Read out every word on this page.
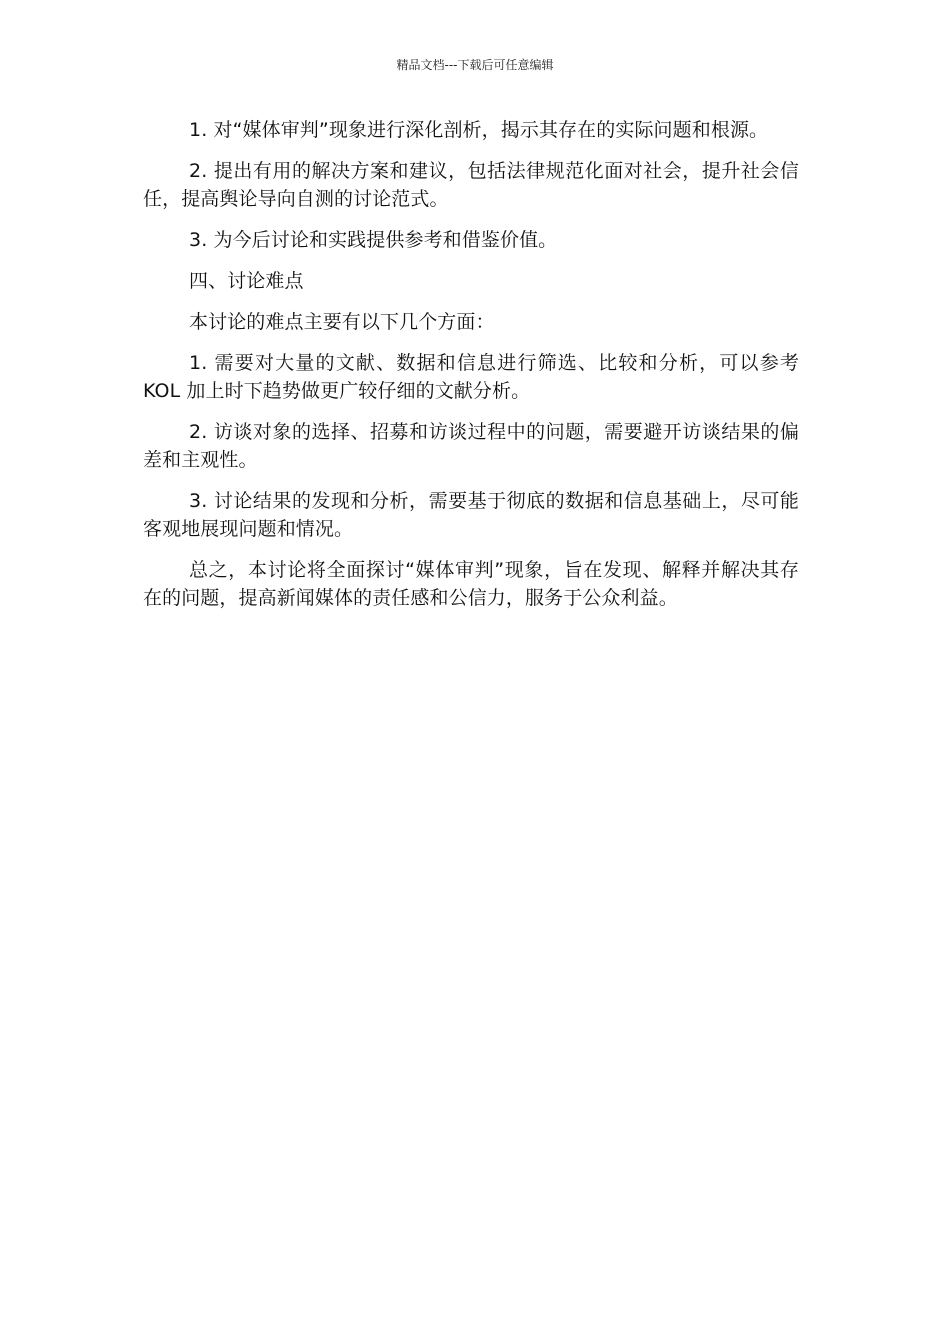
精品文档---下载后可任意编辑

1. 对“媒体审判”现象进行深化剖析，揭示其存在的实际问题和根源。

2. 提出有用的解决方案和建议，包括法律规范化面对社会，提升社会信任，提高舆论导向自测的讨论范式。

3. 为今后讨论和实践提供参考和借鉴价值。

四、讨论难点

本讨论的难点主要有以下几个方面：

1. 需要对大量的文献、数据和信息进行筛选、比较和分析，可以参考 KOL 加上时下趋势做更广较仔细的文献分析。

2. 访谈对象的选择、招募和访谈过程中的问题，需要避开访谈结果的偏差和主观性。

3. 讨论结果的发现和分析，需要基于彻底的数据和信息基础上，尽可能客观地展现问题和情况。

总之，本讨论将全面探讨“媒体审判”现象，旨在发现、解释并解决其存在的问题，提高新闻媒体的责任感和公信力，服务于公众利益。
